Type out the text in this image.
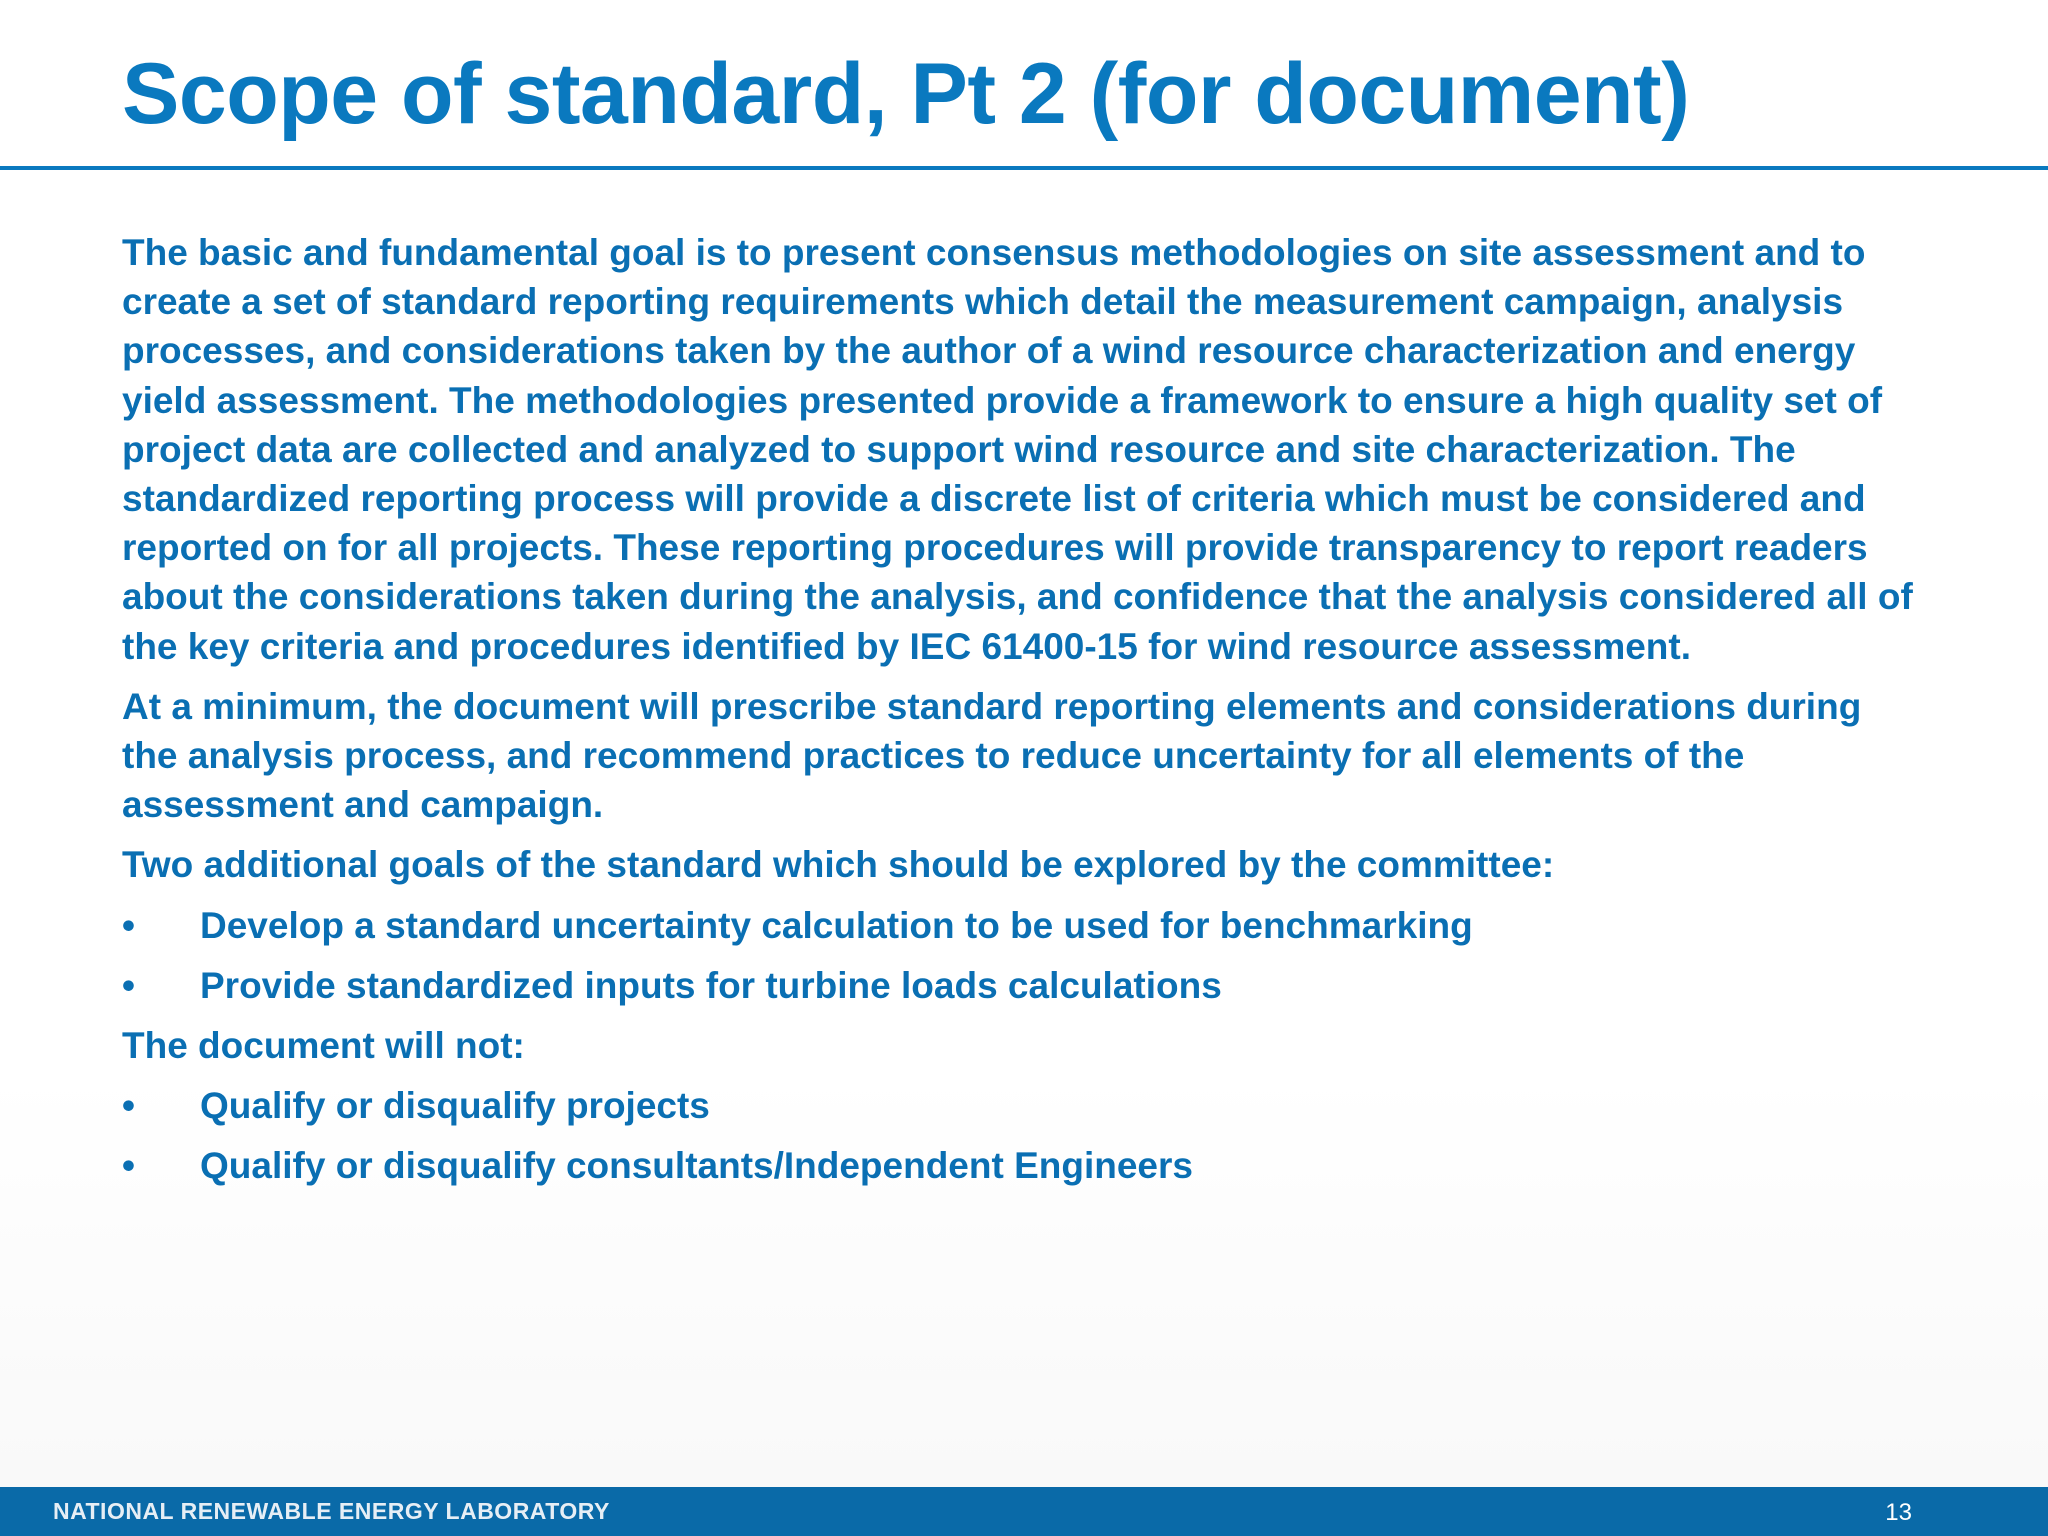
Scope of standard, Pt 2 (for document)

The basic and fundamental goal is to present consensus methodologies on site assessment and to create a set of standard reporting requirements which detail the measurement campaign, analysis processes, and considerations taken by the author of a wind resource characterization and energy yield assessment. The methodologies presented provide a framework to ensure a high quality set of project data are collected and analyzed to support wind resource and site characterization. The standardized reporting process will provide a discrete list of criteria which must be considered and reported on for all projects. These reporting procedures will provide transparency to report readers about the considerations taken during the analysis, and confidence that the analysis considered all of the key criteria and procedures identified by IEC 61400-15 for wind resource assessment.

At a minimum, the document will prescribe standard reporting elements and considerations during the analysis process, and recommend practices to reduce uncertainty for all elements of the assessment and campaign.

Two additional goals of the standard which should be explored by the committee:

• Develop a standard uncertainty calculation to be used for benchmarking
• Provide standardized inputs for turbine loads calculations

The document will not:

• Qualify or disqualify projects
• Qualify or disqualify consultants/Independent Engineers
NATIONAL RENEWABLE ENERGY LABORATORY	13
